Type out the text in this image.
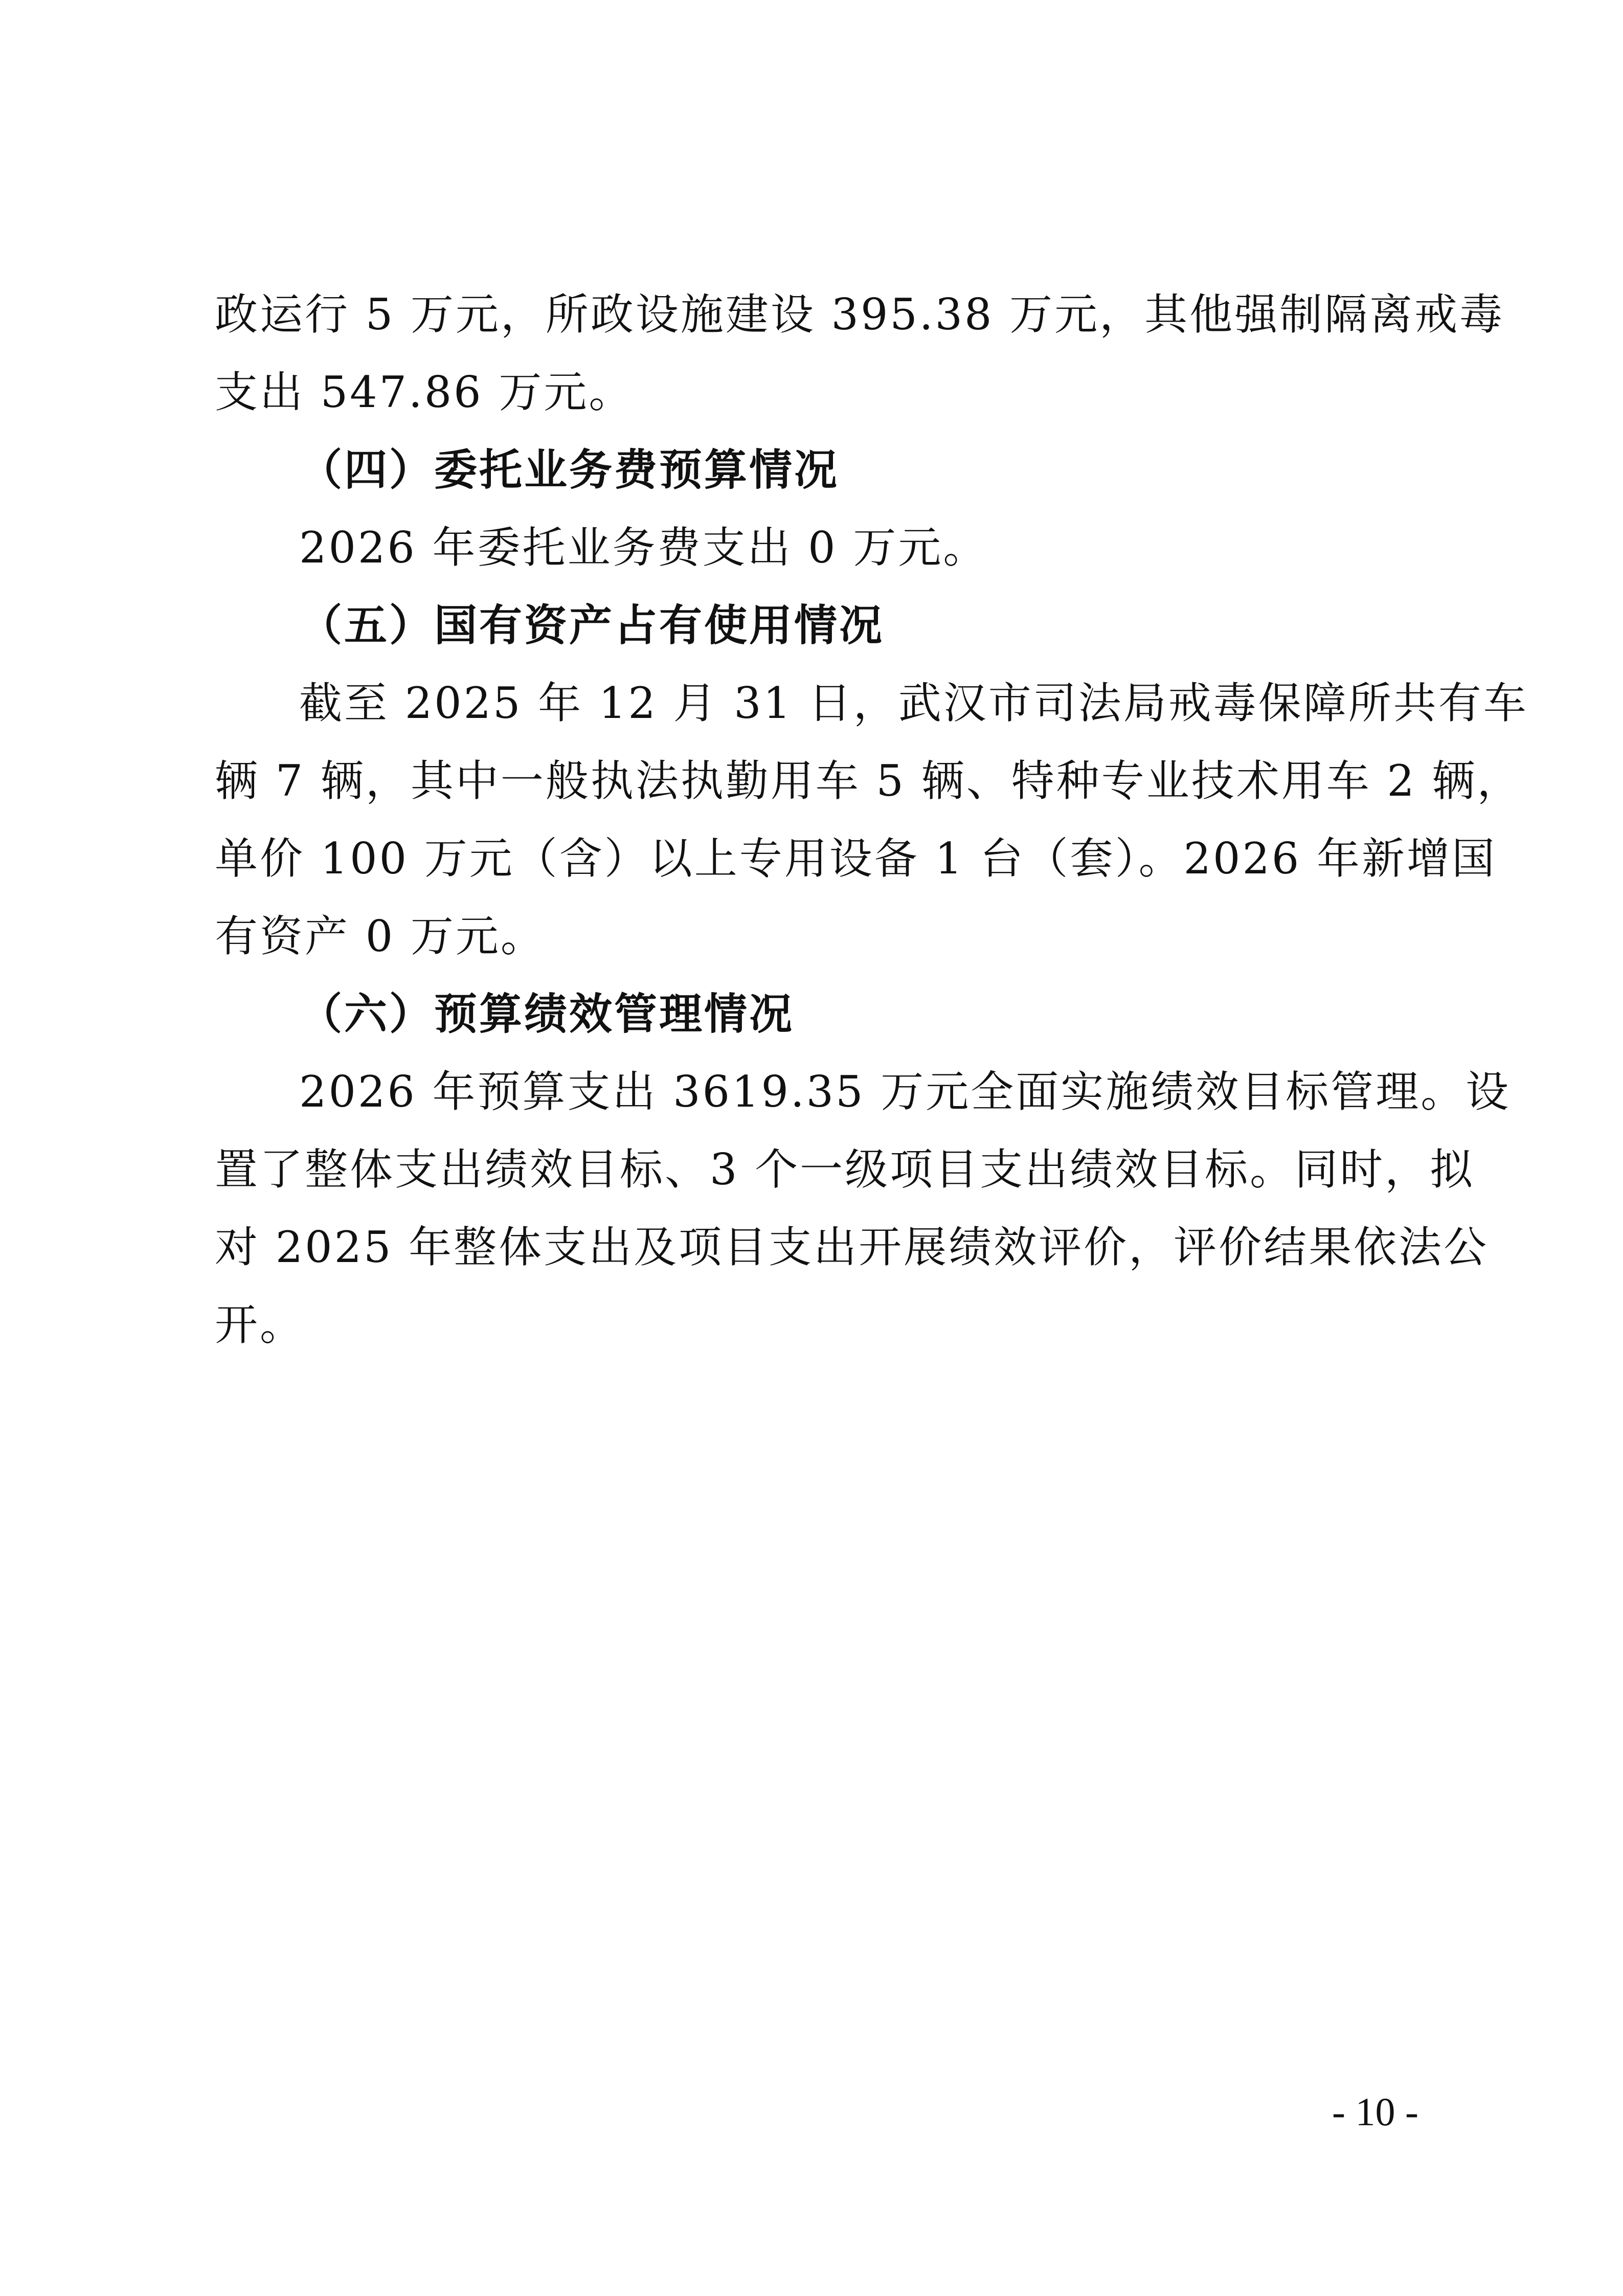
政运行 5 万元，所政设施建设 395.38 万元，其他强制隔离戒毒
支出 547.86 万元。
（四）委托业务费预算情况
2026 年委托业务费支出 0 万元。
（五）国有资产占有使用情况
截至 2025 年 12 月 31 日，武汉市司法局戒毒保障所共有车
辆 7 辆，其中一般执法执勤用车 5 辆、特种专业技术用车 2 辆，
单价 100 万元（含）以上专用设备 1 台（套）。2026 年新增国
有资产 0 万元。
（六）预算绩效管理情况
2026 年预算支出 3619.35 万元全面实施绩效目标管理。设
置了整体支出绩效目标、3 个一级项目支出绩效目标。同时，拟
对 2025 年整体支出及项目支出开展绩效评价，评价结果依法公
开。
- 10 -
